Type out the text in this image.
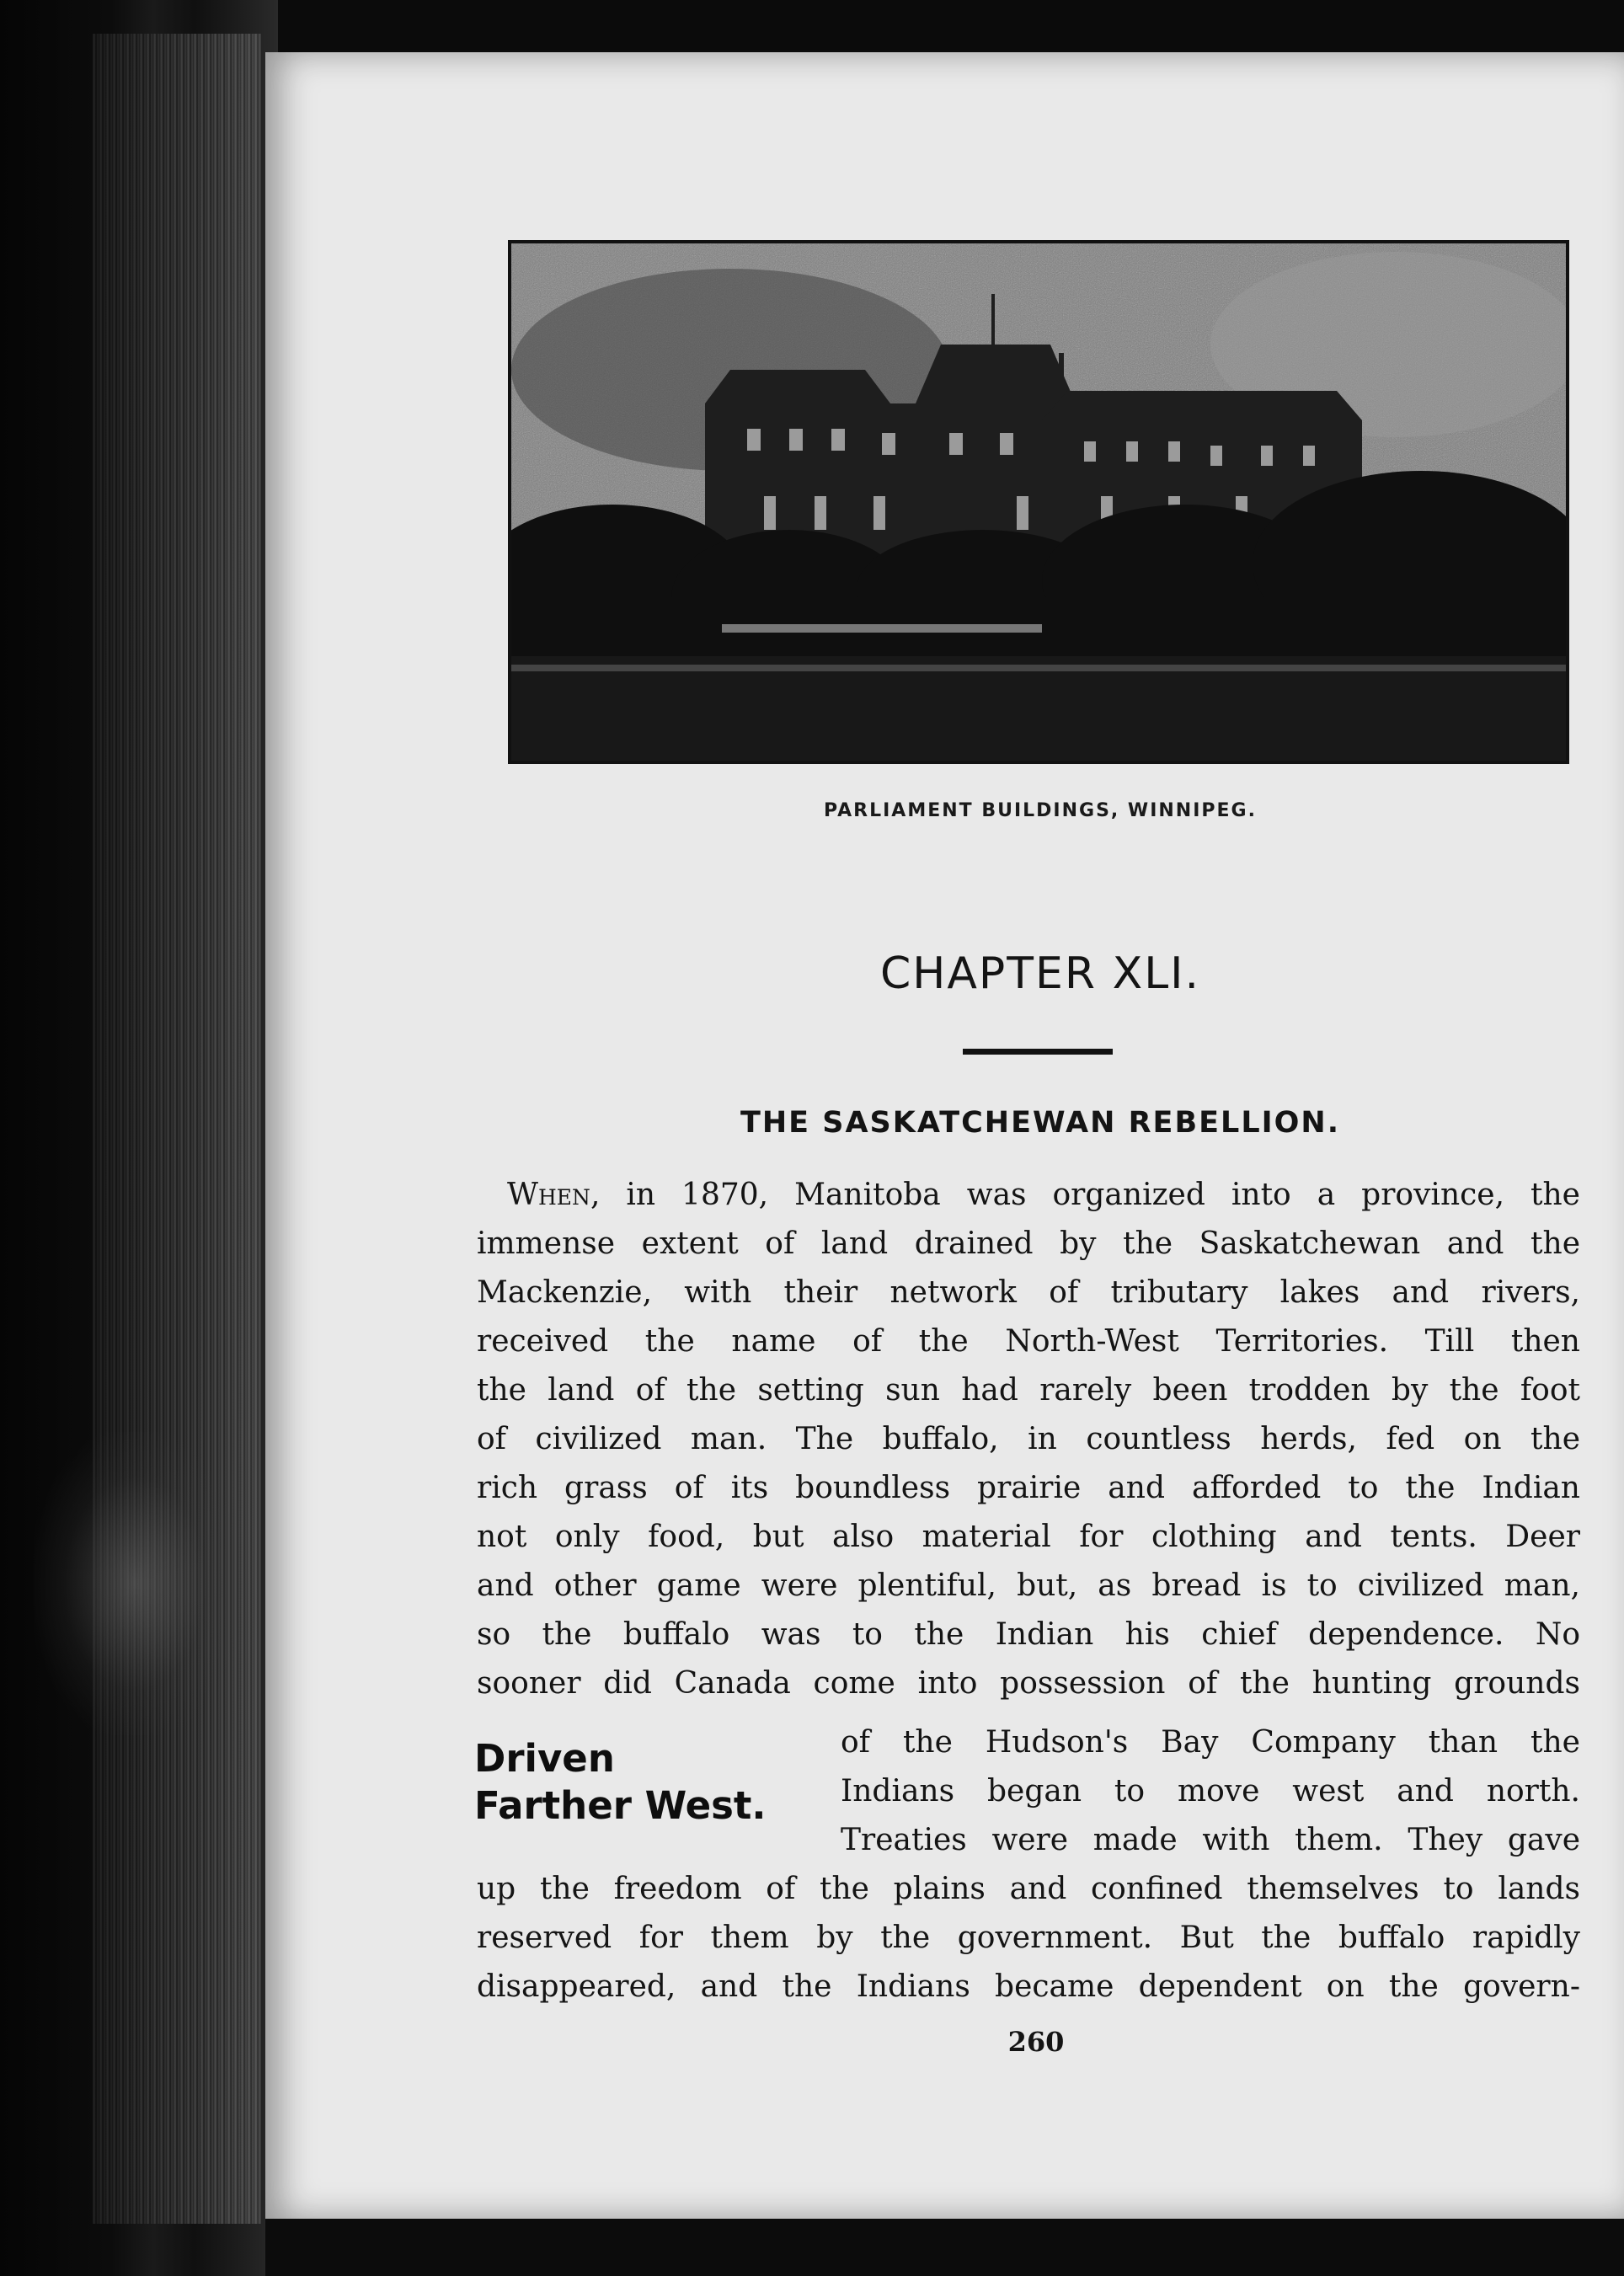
PARLIAMENT BUILDINGS, WINNIPEG.
CHAPTER XLI.
THE SASKATCHEWAN REBELLION.
When, in 1870, Manitoba was organized into a province, the
immense extent of land drained by the Saskatchewan and the
Mackenzie, with their network of tributary lakes and rivers,
received the name of the North-West Territories. Till then
the land of the setting sun had rarely been trodden by the foot
of civilized man. The buffalo, in countless herds, fed on the
rich grass of its boundless prairie and afforded to the Indian
not only food, but also material for clothing and tents. Deer
and other game were plentiful, but, as bread is to civilized man,
so the buffalo was to the Indian his chief dependence. No
sooner did Canada come into possession of the hunting grounds
Driven
Farther West.
of the Hudson's Bay Company than the
Indians began to move west and north.
Treaties were made with them. They gave
up the freedom of the plains and confined themselves to lands
reserved for them by the government. But the buffalo rapidly
disappeared, and the Indians became dependent on the govern-
260
